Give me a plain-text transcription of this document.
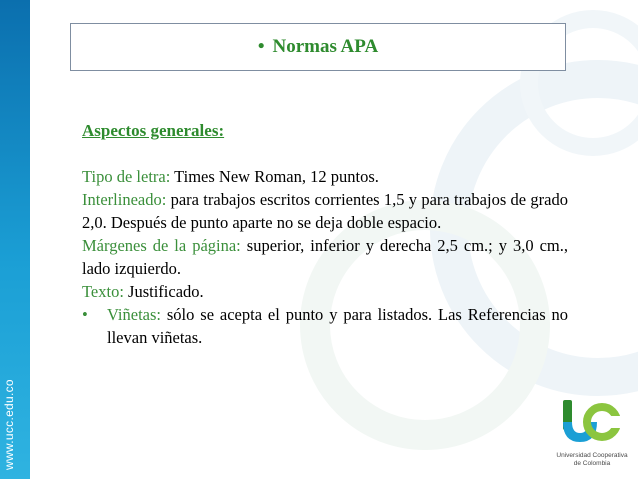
www.ucc.edu.co
• Normas APA
Aspectos generales:

Tipo de letra: Times New Roman, 12 puntos.

Interlineado: para trabajos escritos corrientes 1,5 y para trabajos de grado 2,0. Después de punto aparte no se deja doble espacio.

Márgenes de la página: superior, inferior y derecha 2,5 cm.; y 3,0 cm., lado izquierdo.

Texto: Justificado.

•	Viñetas: sólo se acepta el punto y para listados. Las Referencias no llevan viñetas.
Universidad Cooperativa
de Colombia
